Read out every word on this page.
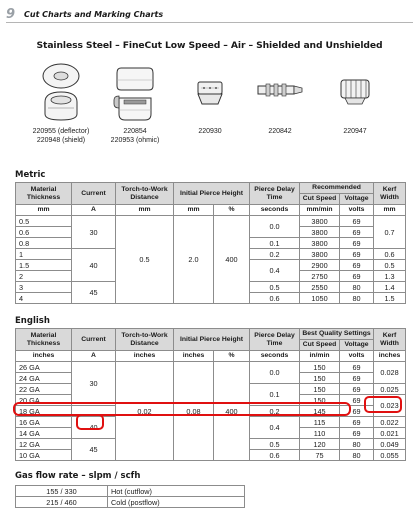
9	Cut Charts and Marking Charts
Stainless Steel – FineCut Low Speed – Air – Shielded and Unshielded
220955 (deflector)
220948 (shield)
220854
220953 (ohmic)
220930	220842	220947
Metric
Material Thickness	Current	Torch-to-Work Distance	Initial Pierce Height		Pierce Delay Time	Recommended		Kerf Width
						Cut Speed	Voltage	
mm	A	mm	mm	%	seconds	mm/min	volts	mm
0.5	30	0.5	2.0	400	0.0	3800	69	0.7
0.6						3800	69	
0.8					0.1	3800	69	
1	40				0.2	3800	69	0.6
1.5					0.4	2900	69	0.5
2						2750	69	1.3
3	45				0.5	2550	80	1.4
4					0.6	1050	80	1.5
English
Material Thickness	Current	Torch-to-Work Distance	Initial Pierce Height		Pierce Delay Time	Best Quality Settings		Kerf Width
						Cut Speed	Voltage	
inches	A	inches	inches	%	seconds	in/min	volts	inches
26 GA	30	0.02	0.08	400	0.0	150	69	0.028
24 GA						150	69	
22 GA					0.1	150	69	0.025
20 GA						150	69	0.023
18 GA					0.2	145	69	
16 GA	40				0.4	115	69	0.022
14 GA						110	69	0.021
12 GA	45				0.5	120	80	0.049
10 GA					0.6	75	80	0.055
Gas flow rate – slpm / scfh
155 / 330	Hot (cutflow)
215 / 460	Cold (postflow)
